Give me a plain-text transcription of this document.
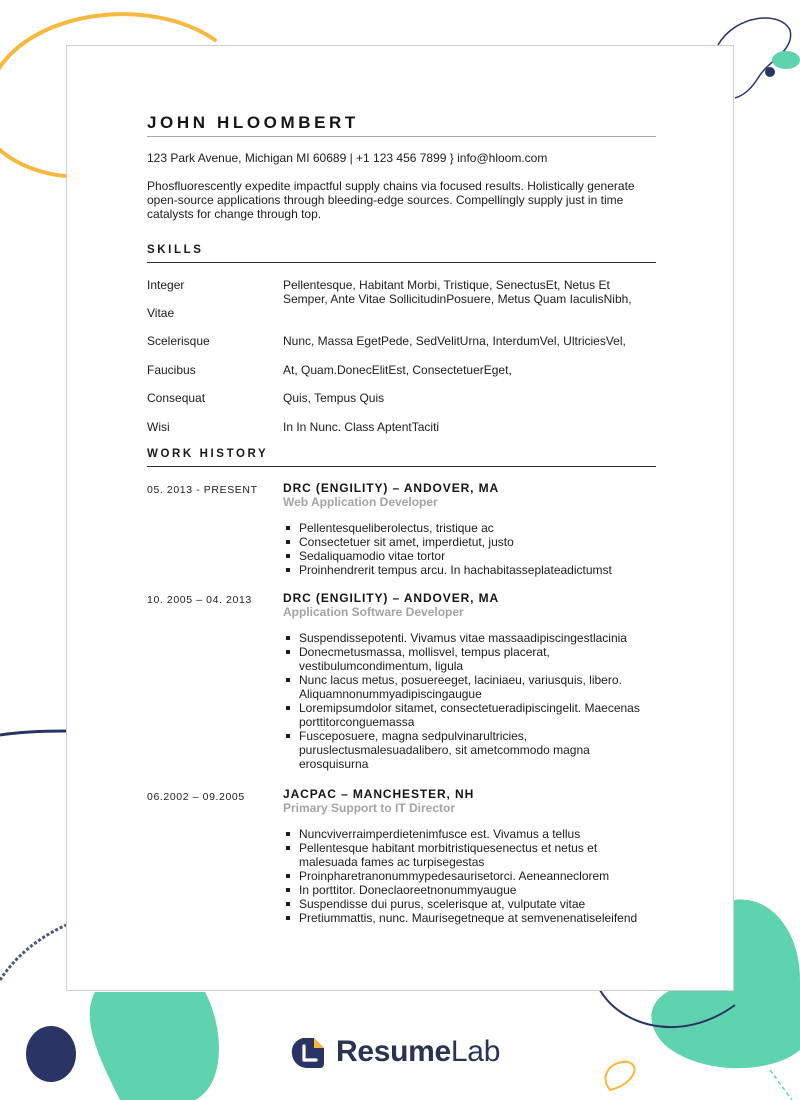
JOHN HLOOMBERT
123 Park Avenue, Michigan MI 60689 | +1 123 456 7899 } info@hloom.com
Phosfluorescently expedite impactful supply chains via focused results. Holistically generate open-source applications through bleeding-edge sources. Compellingly supply just in time catalysts for change through top.
SKILLS
Integer	Pellentesque, Habitant Morbi, Tristique, SenectusEt, Netus Et Semper, Ante Vitae SollicitudinPosuere, Metus Quam IaculisNibh,
Vitae
Scelerisque	Nunc, Massa EgetPede, SedVelitUrna, InterdumVel, UltriciesVel,
Faucibus	At, Quam.DonecElitEst, ConsectetuerEget,
Consequat	Quis, Tempus Quis
Wisi	In In Nunc. Class AptentTaciti
WORK HISTORY
05. 2013 - PRESENT DRC (ENGILITY) – ANDOVER, MA
Web Application Developer
Pellentesqueliberolectus, tristique ac
Consectetuer sit amet, imperdietut, justo
Sedaliquamodio vitae tortor
Proinhendrerit tempus arcu. In hachabitasseplateadictumst
10. 2005 – 04. 2013	DRC (ENGILITY) – ANDOVER, MA
Application Software Developer
Suspendissepotenti. Vivamus vitae massaadipiscingestlacinia
Donecmetusmassa, mollisvel, tempus placerat, vestibulumcondimentum, ligula
Nunc lacus metus, posuereeget, laciniaeu, variusquis, libero. Aliquamnonummyadipiscingaugue
Loremipsumdolor sitamet, consectetueradipiscingelit. Maecenas porttitorconguemassa
Fusceposuere, magna sedpulvinarultricies, puruslectusmalesuadalibero, sit ametcommodo magna erosquisurna
06.2002 – 09.2005	JACPAC – MANCHESTER, NH
Primary Support to IT Director
Nuncviverraimperdietenimfusce est. Vivamus a tellus
Pellentesque habitant morbitristiquesenectus et netus et malesuada fames ac turpisegestas
Proinpharetranonummypedesaurisetorci. Aeneanneclorem
In porttitor. Doneclaoreetnonummyaugue
Suspendisse dui purus, scelerisque at, vulputate vitae
Pretiummattis, nunc. Maurisegetneque at semvenenatiseleifend
ResumeLab
